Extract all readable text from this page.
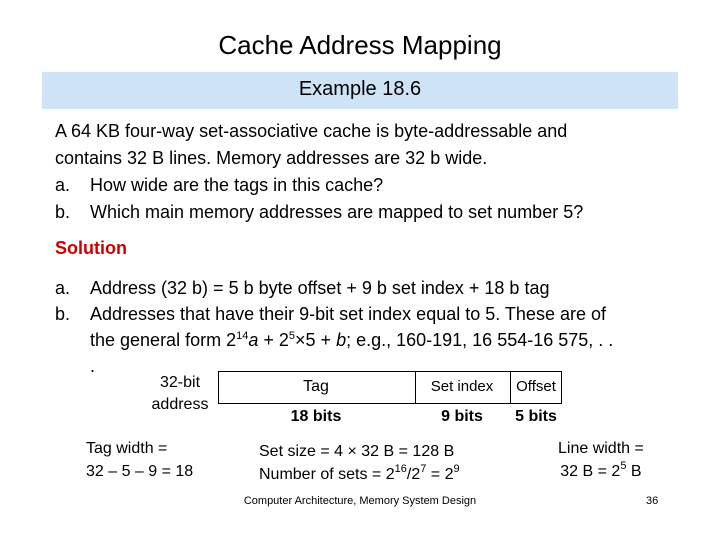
Cache Address Mapping
Example 18.6
A 64 KB four-way set-associative cache is byte-addressable and
contains 32 B lines. Memory addresses are 32 b wide.
a. How wide are the tags in this cache?
b. Which main memory addresses are mapped to set number 5?
Solution
a.	Address (32 b) = 5 b byte offset + 9 b set index + 18 b tag
b.	Addresses that have their 9-bit set index equal to 5. These are of
the general form $2^{14}a + 2^5\times 5 + b$; e.g., 160-191, 16 554-16 575, . .
.
32-bit
address
Tag	Set index	Offset
18 bits	9 bits	5 bits
Tag width =
32 – 5 – 9 = 18
Set size = 4 × 32 B = 128 B
Number of sets = $2^{16}/2^7 = 2^9$
Line width =
32 $B = 2^5$ B
Computer Architecture, Memory System Design	36
